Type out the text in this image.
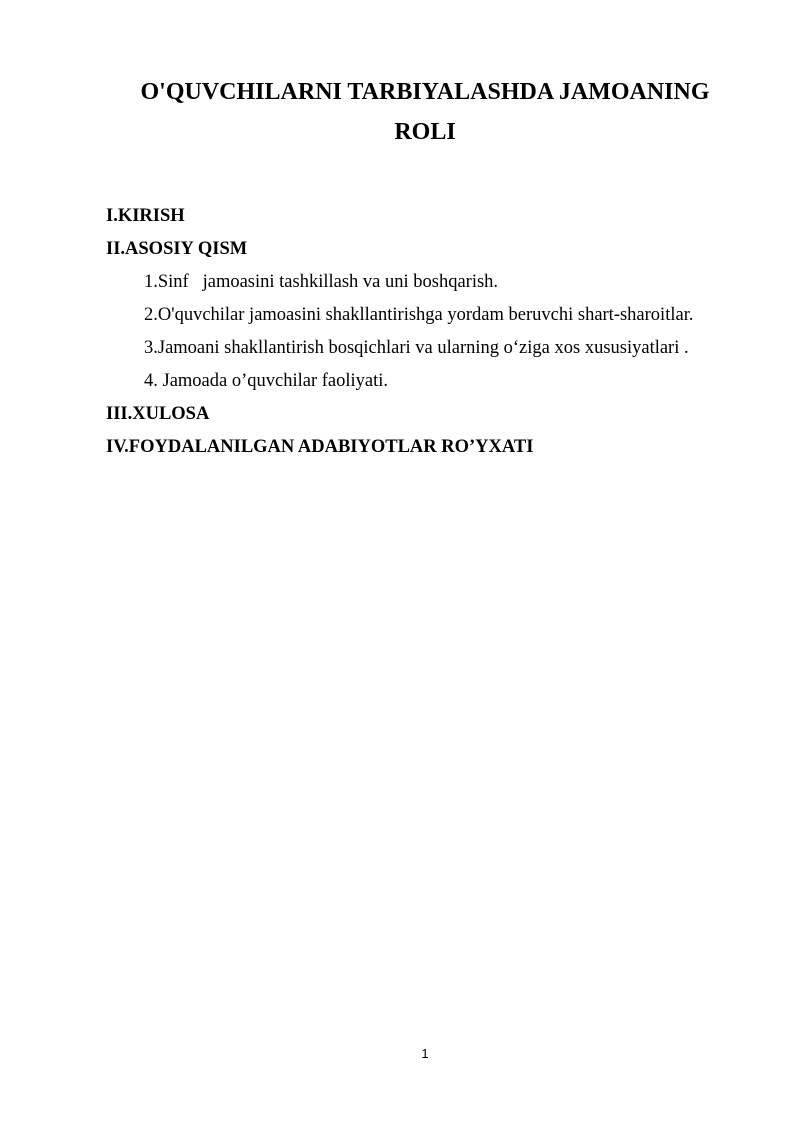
O'QUVCHILARNI TARBIYALASHDA JAMOANING
ROLI
I.KIRISH
II.ASOSIY QISM
1.Sinf   jamoasini tashkillash va uni boshqarish.
2.O'quvchilar jamoasini shakllantirishga yordam beruvchi shart-sharoitlar.
3.Jamoani shakllantirish bosqichlari va ularning o‘ziga xos xususiyatlari .
4. Jamoada o’quvchilar faoliyati.
III.XULOSA
IV.FOYDALANILGAN ADABIYOTLAR RO’YXATI
1
